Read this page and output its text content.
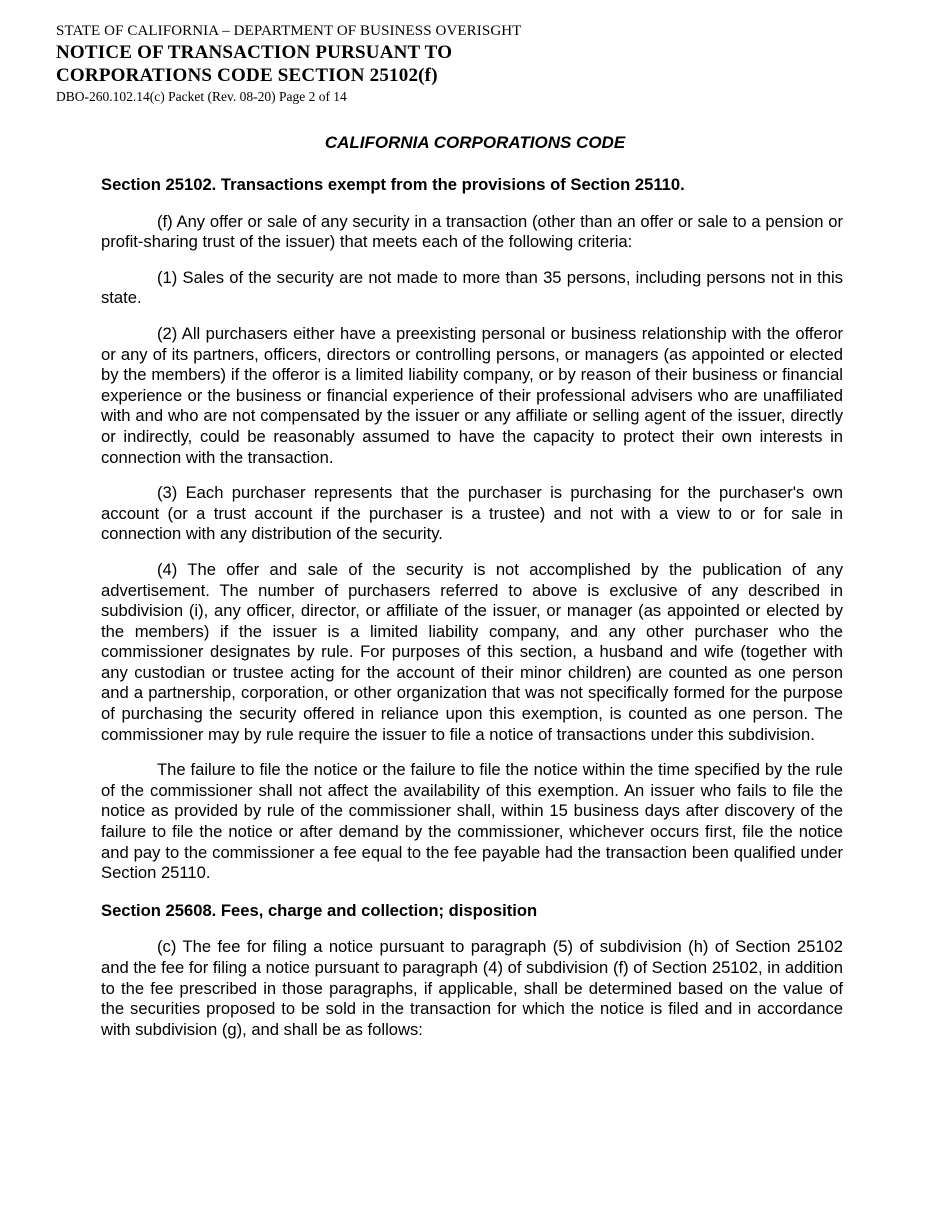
STATE OF CALIFORNIA – DEPARTMENT OF BUSINESS OVERISGHT
NOTICE OF TRANSACTION PURSUANT TO
CORPORATIONS CODE SECTION 25102(f)
DBO-260.102.14(c) Packet (Rev. 08-20) Page 2 of 14
CALIFORNIA CORPORATIONS CODE

Section 25102. Transactions exempt from the provisions of Section 25110.

(f) Any offer or sale of any security in a transaction (other than an offer or sale to a pension or profit-sharing trust of the issuer) that meets each of the following criteria:

(1) Sales of the security are not made to more than 35 persons, including persons not in this state.

(2) All purchasers either have a preexisting personal or business relationship with the offeror or any of its partners, officers, directors or controlling persons, or managers (as appointed or elected by the members) if the offeror is a limited liability company, or by reason of their business or financial experience or the business or financial experience of their professional advisers who are unaffiliated with and who are not compensated by the issuer or any affiliate or selling agent of the issuer, directly or indirectly, could be reasonably assumed to have the capacity to protect their own interests in connection with the transaction.

(3) Each purchaser represents that the purchaser is purchasing for the purchaser's own account (or a trust account if the purchaser is a trustee) and not with a view to or for sale in connection with any distribution of the security.

(4) The offer and sale of the security is not accomplished by the publication of any advertisement. The number of purchasers referred to above is exclusive of any described in subdivision (i), any officer, director, or affiliate of the issuer, or manager (as appointed or elected by the members) if the issuer is a limited liability company, and any other purchaser who the commissioner designates by rule. For purposes of this section, a husband and wife (together with any custodian or trustee acting for the account of their minor children) are counted as one person and a partnership, corporation, or other organization that was not specifically formed for the purpose of purchasing the security offered in reliance upon this exemption, is counted as one person. The commissioner may by rule require the issuer to file a notice of transactions under this subdivision.

The failure to file the notice or the failure to file the notice within the time specified by the rule of the commissioner shall not affect the availability of this exemption. An issuer who fails to file the notice as provided by rule of the commissioner shall, within 15 business days after discovery of the failure to file the notice or after demand by the commissioner, whichever occurs first, file the notice and pay to the commissioner a fee equal to the fee payable had the transaction been qualified under Section 25110.

Section 25608. Fees, charge and collection; disposition

(c) The fee for filing a notice pursuant to paragraph (5) of subdivision (h) of Section 25102 and the fee for filing a notice pursuant to paragraph (4) of subdivision (f) of Section 25102, in addition to the fee prescribed in those paragraphs, if applicable, shall be determined based on the value of the securities proposed to be sold in the transaction for which the notice is filed and in accordance with subdivision (g), and shall be as follows:
